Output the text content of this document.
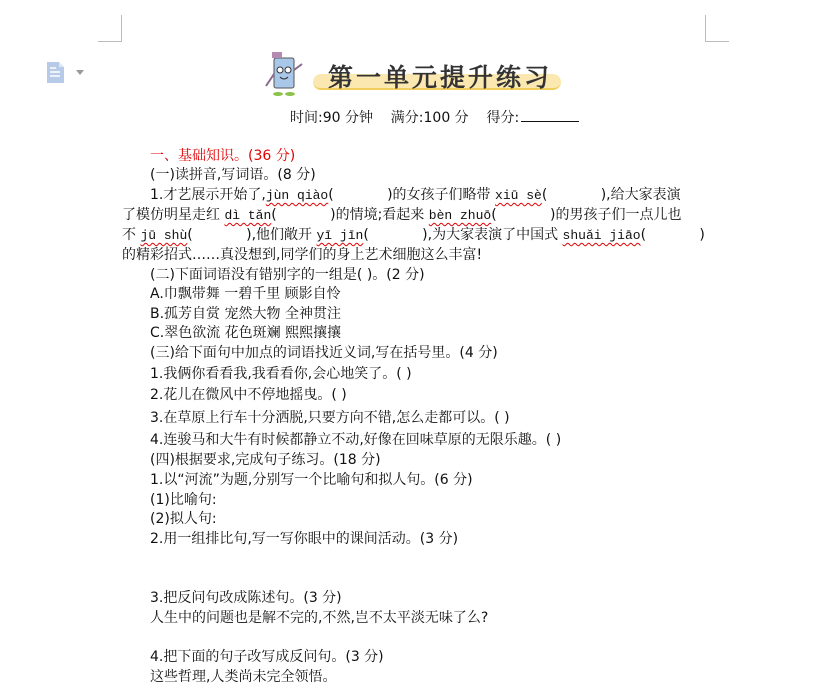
第一单元提升练习
时间:90 分钟 满分:100 分 得分:
一、基础知识。(36 分)
(一)读拼音,写词语。(8 分)
1.才艺展示开始了,jùn qiào(            )的女孩子们略带 xiū sè(            ),给大家表演
了模仿明星走红 dì tǎn(            )的情境;看起来 bèn zhuō(            )的男孩子们一点儿也
不 jū shù(            ),他们敞开 yī jīn(            ),为大家表演了中国式 shuǎi jiāo(            )
的精彩招式……真没想到,同学们的身上艺术细胞这么丰富!
(二)下面词语没有错别字的一组是( )。(2 分)
A.巾飘带舞 一碧千里 顾影自怜
B.孤芳自赏 宠然大物 全神贯注
C.翠色欲流 花色斑斓 熙熙攘攘
(三)给下面句中加点的词语找近义词,写在括号里。(4 分)
1.我俩你看看我,我看看你,会心地笑了。( )
2.花儿在微风中不停地摇曳。( )
3.在草原上行车十分洒脱,只要方向不错,怎么走都可以。( )
4.连骏马和大牛有时候都静立不动,好像在回味草原的无限乐趣。( )
(四)根据要求,完成句子练习。(18 分)
1.以“河流”为题,分别写一个比喻句和拟人句。(6 分)
(1)比喻句:
(2)拟人句:
2.用一组排比句,写一写你眼中的课间活动。(3 分)
3.把反问句改成陈述句。(3 分)
人生中的问题也是解不完的,不然,岂不太平淡无味了么?
4.把下面的句子改写成反问句。(3 分)
这些哲理,人类尚未完全领悟。
